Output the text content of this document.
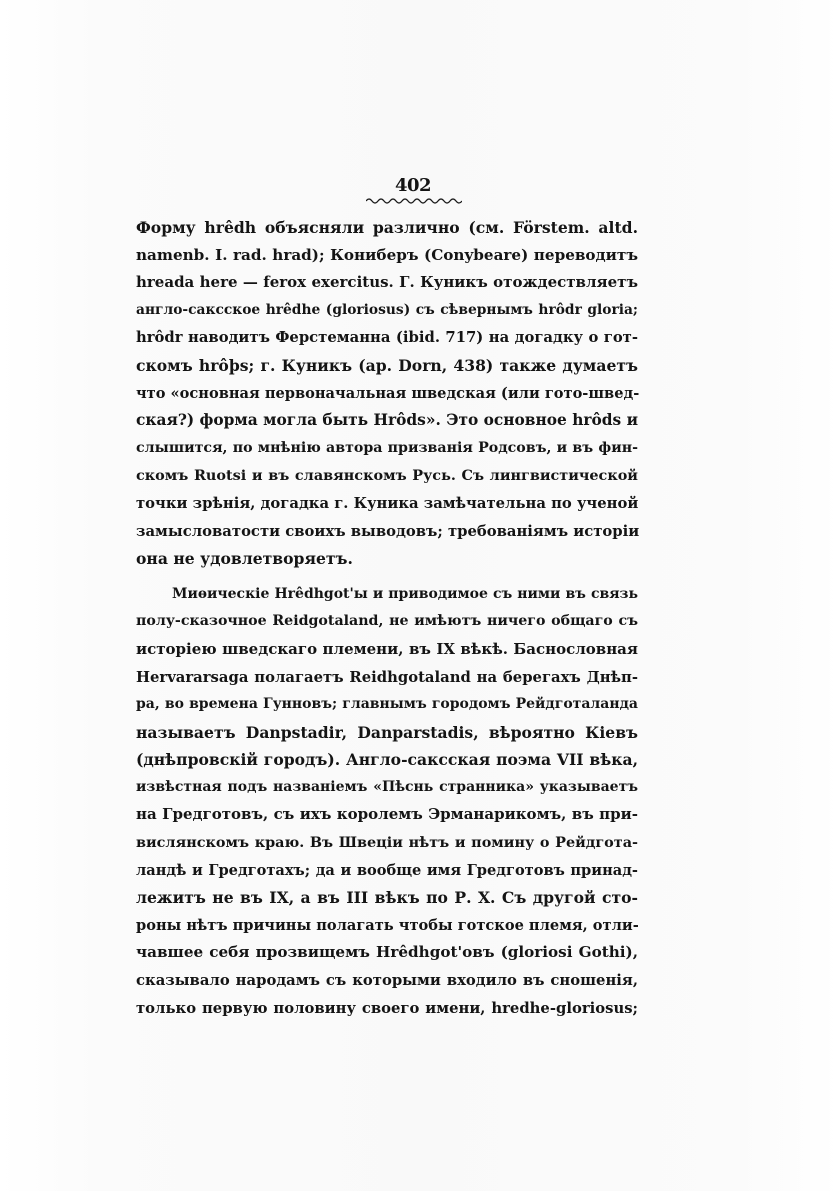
402
Форму hrêdh объясняли различно (см. Förstem. altd.
namenb. I. rad. hrad); Кониберъ (Conybeare) переводитъ
hreada here — ferox exercitus. Г. Куникъ отождествляетъ
англо-саксское hrêdhe (gloriosus) съ сѣвернымъ hrôdr gloria;
hrôdr наводитъ Ферстеманна (ibid. 717) на догадку о гот-
скомъ hrôþs; г. Куникъ (ap. Dorn, 438) также думаетъ
что «основная первоначальная шведская (или гото-швед-
ская?) форма могла быть Hrôds». Это основное hrôds и
слышится, по мнѣнію автора призванія Родсовъ, и въ фин-
скомъ Ruotsi и въ славянскомъ Русь. Съ лингвистической
точки зрѣнія, догадка г. Куника замѣчательна по ученой
замысловатости своихъ выводовъ; требованіямъ исторіи
она не удовлетворяетъ.
Миѳическіе Hrêdhgot'ы и приводимое съ ними въ связь
полу-сказочное Reidgotaland, не имѣютъ ничего общаго съ
исторіею шведскаго племени, въ IX вѣкѣ. Баснословная
Hervararsaga полагаетъ Reidhgotaland на берегахъ Днѣп-
ра, во времена Гунновъ; главнымъ городомъ Рейдготаланда
называетъ Danpstadir, Danparstadis, вѣроятно Кіевъ
(днѣпровскій городъ). Англо-саксская поэма VII вѣка,
извѣстная подъ названіемъ «Пѣснь странника» указываетъ
на Гредготовъ, съ ихъ королемъ Эрманарикомъ, въ при-
вислянскомъ краю. Въ Швеціи нѣтъ и помину о Рейдгота-
ландѣ и Гредготахъ; да и вообще имя Гредготовъ принад-
лежитъ не въ IX, а въ III вѣкъ по Р. Х. Съ другой сто-
роны нѣтъ причины полагать чтобы готское племя, отли-
чавшее себя прозвищемъ Hrêdhgot'овъ (gloriosi Gothi),
сказывало народамъ съ которыми входило въ сношенія,
только первую половину своего имени, hredhe-gloriosus;
